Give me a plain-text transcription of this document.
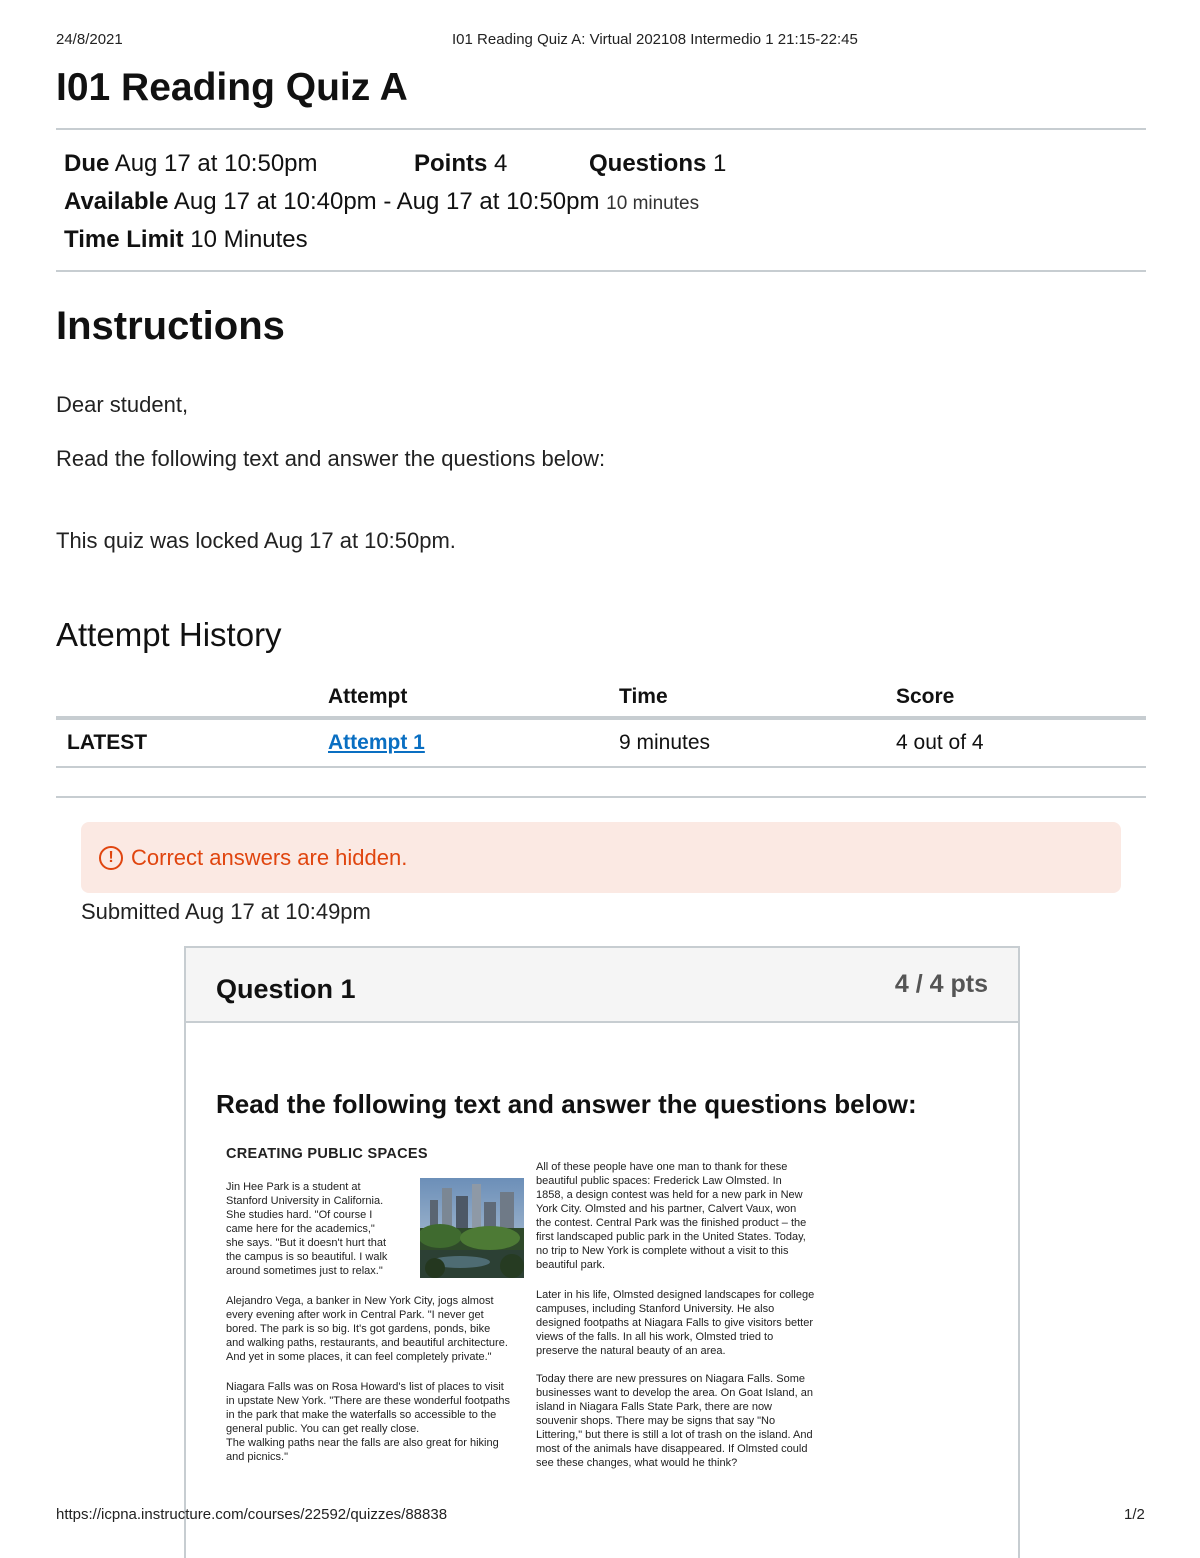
24/8/2021	I01 Reading Quiz A: Virtual 202108 Intermedio 1 21:15-22:45
I01 Reading Quiz A
Due Aug 17 at 10:50pm	Points 4	Questions 1
Available Aug 17 at 10:40pm - Aug 17 at 10:50pm 10 minutes
Time Limit 10 Minutes
Instructions
Dear student,
Read the following text and answer the questions below:
This quiz was locked Aug 17 at 10:50pm.
Attempt History
	Attempt	Time	Score
LATEST	Attempt 1	9 minutes	4 out of 4
! Correct answers are hidden.
Submitted Aug 17 at 10:49pm
Question 1	4 / 4 pts
Read the following text and answer the questions below:
CREATING PUBLIC SPACES
Jin Hee Park is a student at
Stanford University in California.
She studies hard. "Of course I
came here for the academics,"
she says. "But it doesn't hurt that
the campus is so beautiful. I walk
around sometimes just to relax."
Alejandro Vega, a banker in New York City, jogs almost
every evening after work in Central Park. "I never get
bored. The park is so big. It's got gardens, ponds, bike
and walking paths, restaurants, and beautiful architecture.
And yet in some places, it can feel completely private."
Niagara Falls was on Rosa Howard's list of places to visit
in upstate New York. "There are these wonderful footpaths
in the park that make the waterfalls so accessible to the
general public. You can get really close.
The walking paths near the falls are also great for hiking
and picnics."
All of these people have one man to thank for these
beautiful public spaces: Frederick Law Olmsted. In
1858, a design contest was held for a new park in New
York City. Olmsted and his partner, Calvert Vaux, won
the contest. Central Park was the finished product – the
first landscaped public park in the United States. Today,
no trip to New York is complete without a visit to this
beautiful park.
Later in his life, Olmsted designed landscapes for college
campuses, including Stanford University. He also
designed footpaths at Niagara Falls to give visitors better
views of the falls. In all his work, Olmsted tried to
preserve the natural beauty of an area.
Today there are new pressures on Niagara Falls. Some
businesses want to develop the area. On Goat Island, an
island in Niagara Falls State Park, there are now
souvenir shops. There may be signs that say "No
Littering," but there is still a lot of trash on the island. And
most of the animals have disappeared. If Olmsted could
see these changes, what would he think?
https://icpna.instructure.com/courses/22592/quizzes/88838	1/2
